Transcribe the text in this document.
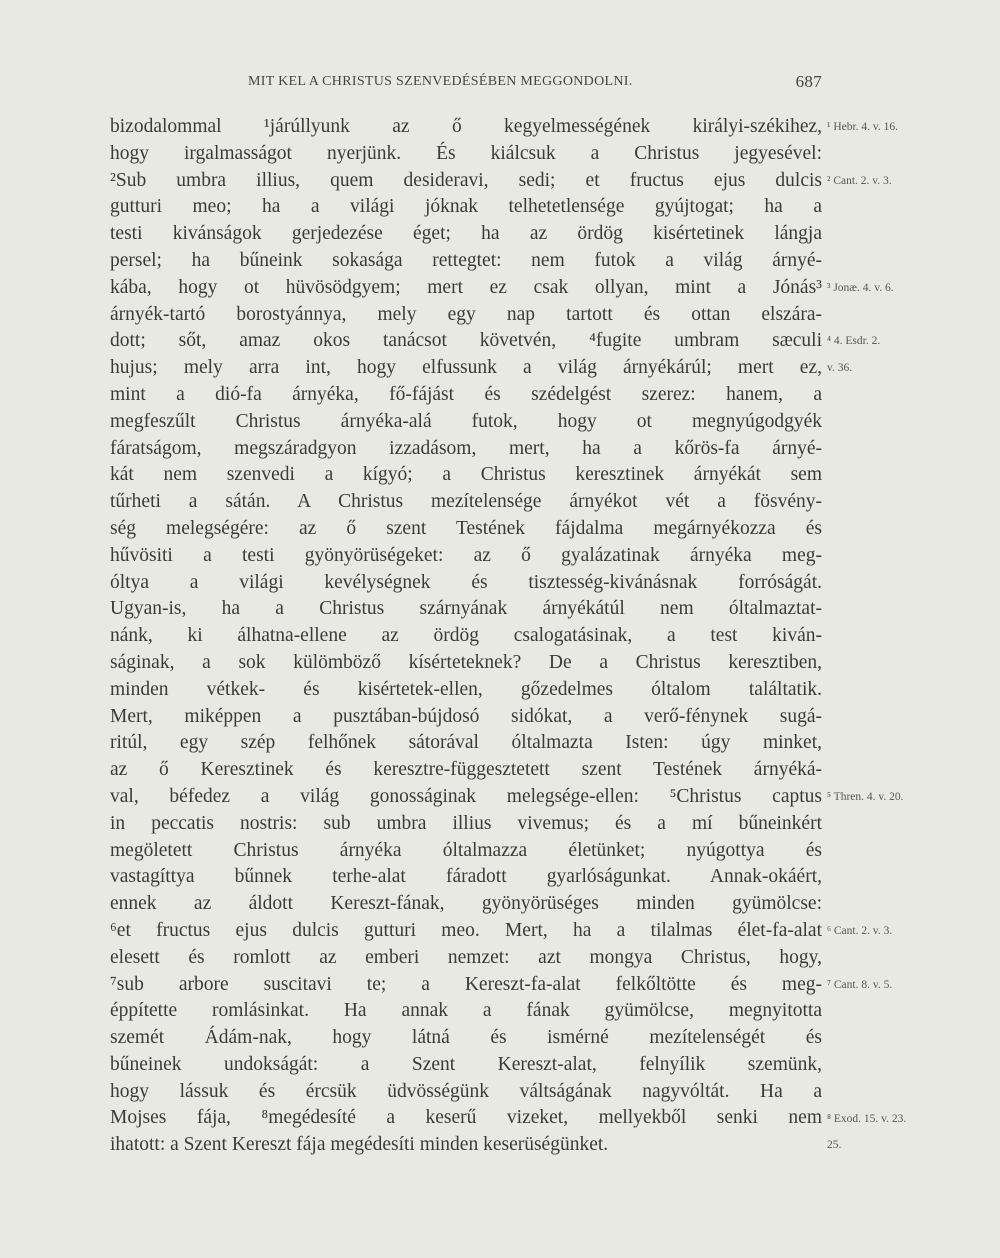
MIT KEL A CHRISTUS SZENVEDÉSÉBEN MEGGONDOLNI.	687
bizodalommal ¹járúllyunk az ő kegyelmességének királyi-székihez,
hogy irgalmasságot nyerjünk. És kiálcsuk a Christus jegyesével:
²Sub umbra illius, quem desideravi, sedi; et fructus ejus dulcis
gutturi meo; ha a világi jóknak telhetetlensége gyújtogat; ha a
testi kivánságok gerjedezése éget; ha az ördög kisértetinek lángja
persel; ha bűneink sokasága rettegtet: nem futok a világ árnyé-
kába, hogy ot hüvösödgyem; mert ez csak ollyan, mint a Jónás³
árnyék-tartó borostyánnya, mely egy nap tartott és ottan elszára-
dott; sőt, amaz okos tanácsot követvén, ⁴fugite umbram sæculi
hujus; mely arra int, hogy elfussunk a világ árnyékárúl; mert ez,
mint a dió-fa árnyéka, fő-fájást és szédelgést szerez: hanem, a
megfeszűlt Christus árnyéka-alá futok, hogy ot megnyúgodgyék
fáratságom, megszáradgyon izzadásom, mert, ha a kőrös-fa árnyé-
kát nem szenvedi a kígyó; a Christus keresztinek árnyékát sem
tűrheti a sátán. A Christus mezítelensége árnyékot vét a fösvény-
ség melegségére: az ő szent Testének fájdalma megárnyékozza és
hűvösiti a testi gyönyörüségeket: az ő gyalázatinak árnyéka meg-
óltya a világi kevélységnek és tisztesség-kivánásnak forróságát.
Ugyan-is, ha a Christus szárnyának árnyékátúl nem óltalmaztat-
nánk, ki álhatna-ellene az ördög csalogatásinak, a test kiván-
ságinak, a sok külömböző kísérteteknek? De a Christus keresztiben,
minden vétkek- és kisértetek-ellen, gőzedelmes óltalom találtatik.
Mert, miképpen a pusztában-bújdosó sidókat, a verő-fénynek sugá-
ritúl, egy szép felhőnek sátorával óltalmazta Isten: úgy minket,
az ő Keresztinek és keresztre-függesztetett szent Testének árnyéká-
val, béfedez a világ gonosságinak melegsége-ellen: ⁵Christus captus
in peccatis nostris: sub umbra illius vivemus; és a mí bűneinkért
megöletett Christus árnyéka óltalmazza életünket; nyúgottya és
vastagíttya bűnnek terhe-alat fáradott gyarlóságunkat. Annak-okáért,
ennek az áldott Kereszt-fának, gyönyörüséges minden gyümölcse:
⁶et fructus ejus dulcis gutturi meo. Mert, ha a tilalmas élet-fa-alat
elesett és romlott az emberi nemzet: azt mongya Christus, hogy,
⁷sub arbore suscitavi te; a Kereszt-fa-alat felkőltötte és meg-
éppítette romlásinkat. Ha annak a fának gyümölcse, megnyitotta
szemét Ádám-nak, hogy látná és ismérné mezítelenségét és
bűneinek undokságát: a Szent Kereszt-alat, felnyílik szemünk,
hogy lássuk és ércsük üdvösségünk váltságának nagyvóltát. Ha a
Mojses fája, ⁸megédesíté a keserű vizeket, mellyekből senki nem
ihatott: a Szent Kereszt fája megédesíti minden keserüségünket.
¹ Hebr. 4. v. 16.
² Cant. 2. v. 3.
³ Jonæ. 4. v. 6.
⁴ 4. Esdr. 2.
v. 36.
⁵ Thren. 4. v. 20.
⁶ Cant. 2. v. 3.
⁷ Cant. 8. v. 5.
⁸ Exod. 15. v. 23.
25.
